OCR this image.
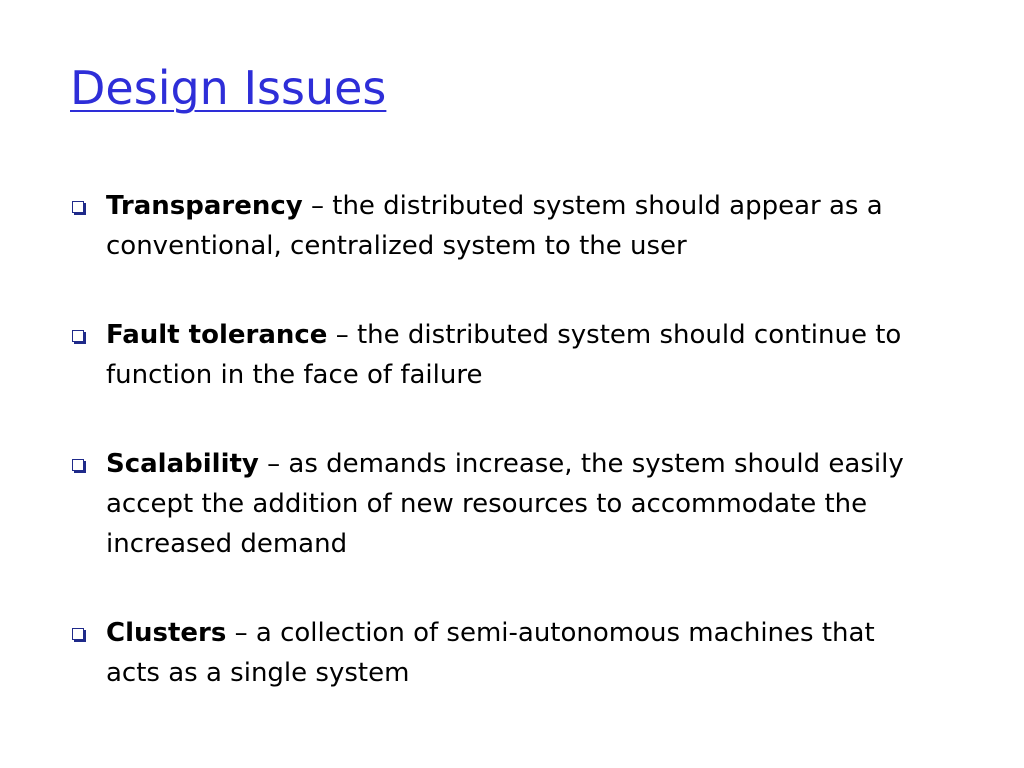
Design Issues
Transparency – the distributed system should appear as a conventional, centralized system to the user
Fault tolerance – the distributed system should continue to function in the face of failure
Scalability – as demands increase, the system should easily accept the addition of new resources to accommodate the increased demand
Clusters – a collection of semi-autonomous machines that acts as a single system
